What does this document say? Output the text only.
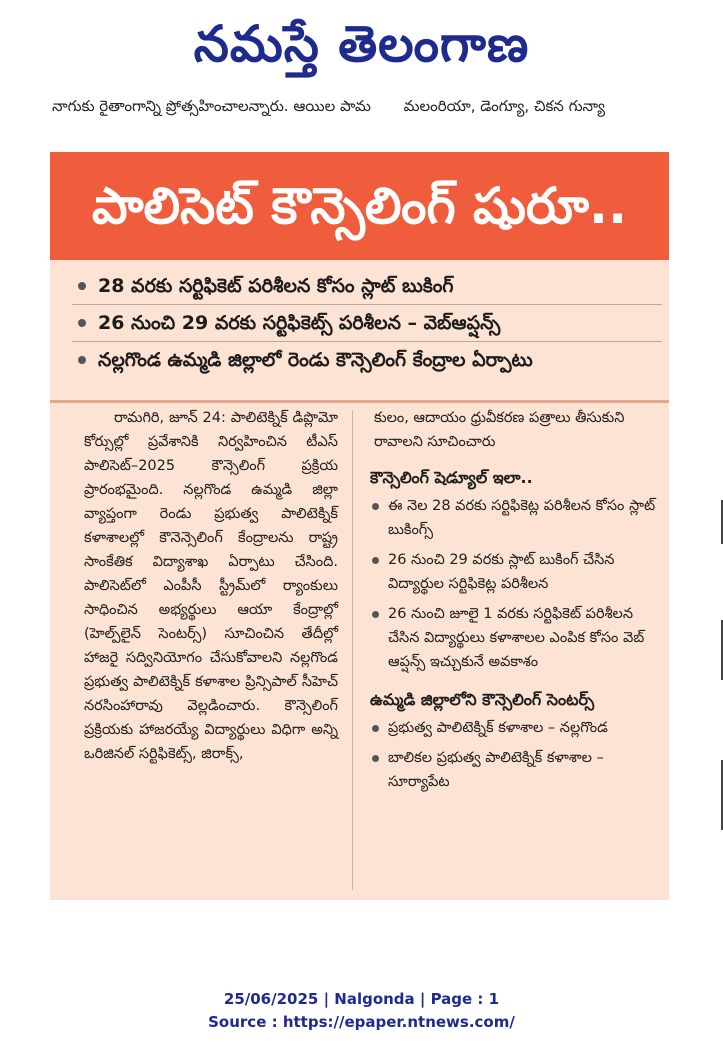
నమస్తే తెలంగాణ
నాగుకు రైతాంగాన్ని ప్రోత్సహించాలన్నారు. ఆయిల పామ మలంరియా, డెంగ్యూ, చికన గున్యా
పాలిసెట్ కౌన్సెలింగ్ షురూ..
28 వరకు సర్టిఫికెట్ పరిశీలన కోసం స్లాట్ బుకింగ్
26 నుంచి 29 వరకు సర్టిఫికెట్స్ పరిశీలన – వెబ్‌ఆప్షన్స్
నల్లగొండ ఉమ్మడి జిల్లాలో రెండు కౌన్సెలింగ్ కేంద్రాల ఏర్పాటు

రామగిరి, జూన్ 24: పాలిటెక్నిక్ డిప్లొమో కోర్సుల్లో ప్రవేశానికి నిర్వహించిన టీఎస్ పాలిసెట్–2025 కౌన్సెలింగ్ ప్రక్రియ ప్రారంభమైంది. నల్లగొండ ఉమ్మడి జిల్లా వ్యాప్తంగా రెండు ప్రభుత్వ పాలిటెక్నిక్ కళాశాలల్లో కౌనెన్సెలింగ్ కేంద్రాలను రాష్ట్ర సాంకేతిక విద్యాశాఖ ఏర్పాటు చేసింది. పాలిసెట్‌లో ఎంపీసీ స్ట్రీమ్‌లో ర్యాంకులు సాధించిన అభ్యర్థులు ఆయా కేంద్రాల్లో (హెల్ప్‌లైన్ సెంటర్స్) సూచించిన తేదీల్లో హాజరై సద్వినియోగం చేసుకోవాలని నల్లగొండ ప్రభుత్వ పాలిటెక్నిక్ కళాశాల ప్రిన్సిపాల్ సీహెచ్ నరసింహారావు వెల్లడించారు. కౌన్సెలింగ్ ప్రక్రియకు హాజరయ్యే విద్యార్థులు విధిగా అన్ని ఒరిజినల్ సర్టిఫికెట్స్, జిరాక్స్,

కులం, ఆదాయం ధ్రువీకరణ పత్రాలు తీసుకుని రావాలని సూచించారు

కౌన్సెలింగ్ షెడ్యూల్ ఇలా..
ఈ నెల 28 వరకు సర్టిఫికెట్ల పరిశీలన కోసం స్లాట్ బుకింగ్స్
26 నుంచి 29 వరకు స్లాట్ బుకింగ్ చేసిన విద్యార్థుల సర్టిఫికెట్ల పరిశీలన
26 నుంచి జూలై 1 వరకు సర్టిఫికెట్ పరిశీలన చేసిన విద్యార్థులు కళాశాలల ఎంపిక కోసం వెబ్ ఆప్షన్స్ ఇచ్చుకునే అవకాశం
ఉమ్మడి జిల్లాలోని కౌన్సెలింగ్ సెంటర్స్
ప్రభుత్వ పాలిటెక్నిక్ కళాశాల – నల్లగొండ
బాలికల ప్రభుత్వ పాలిటెక్నిక్ కళాశాల – సూర్యాపేట
25/06/2025 | Nalgonda | Page : 1
Source : https://epaper.ntnews.com/
